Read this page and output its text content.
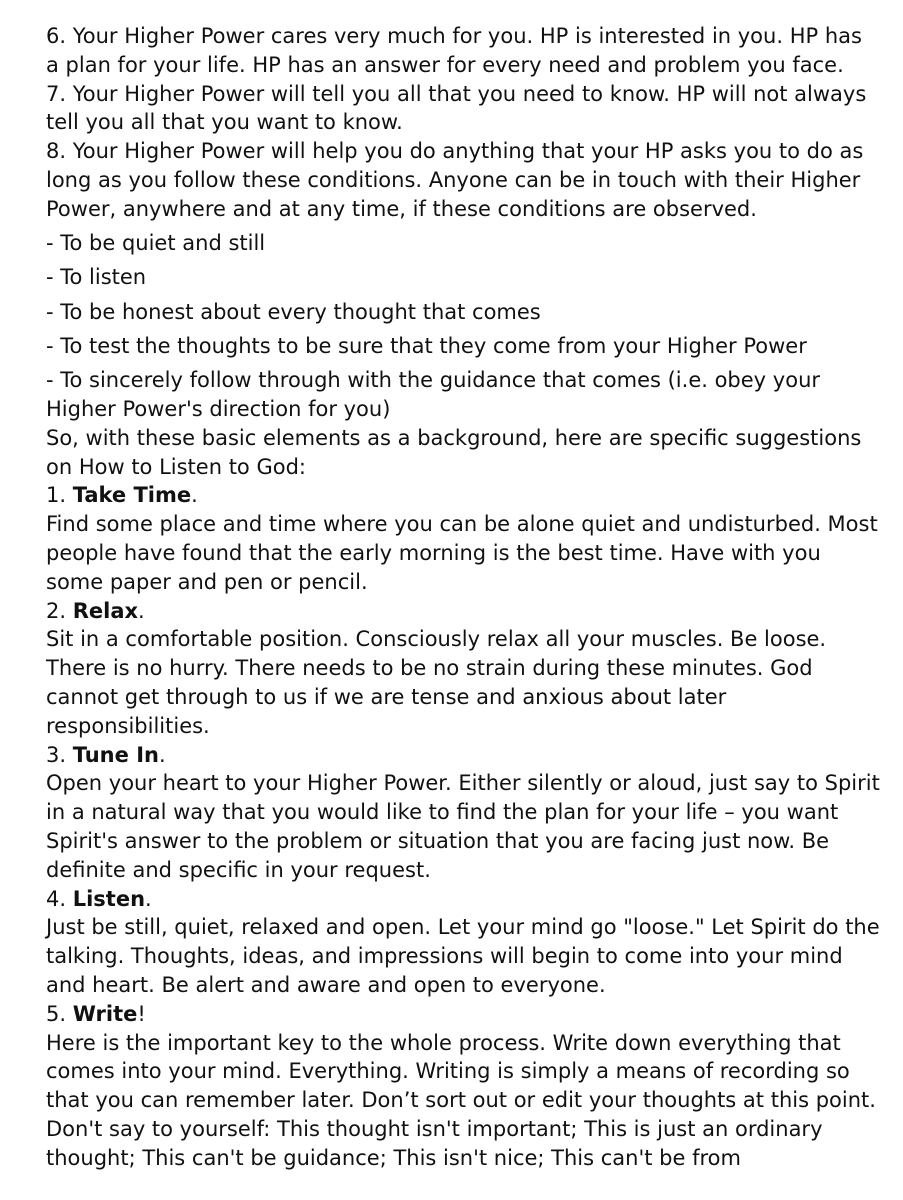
6. Your Higher Power cares very much for you. HP is interested in you. HP has a plan for your life. HP has an answer for every need and problem you face.

7. Your Higher Power will tell you all that you need to know. HP will not always tell you all that you want to know.

8. Your Higher Power will help you do anything that your HP asks you to do as long as you follow these conditions. Anyone can be in touch with their Higher Power, anywhere and at any time, if these conditions are observed.

- To be quiet and still

- To listen

- To be honest about every thought that comes

- To test the thoughts to be sure that they come from your Higher Power

- To sincerely follow through with the guidance that comes (i.e. obey your Higher Power's direction for you)

So, with these basic elements as a background, here are specific suggestions on How to Listen to God:

1. Take Time.

Find some place and time where you can be alone quiet and undisturbed. Most people have found that the early morning is the best time. Have with you some paper and pen or pencil.

2. Relax.

Sit in a comfortable position. Consciously relax all your muscles. Be loose. There is no hurry. There needs to be no strain during these minutes. God cannot get through to us if we are tense and anxious about later responsibilities.

3. Tune In.

Open your heart to your Higher Power. Either silently or aloud, just say to Spirit in a natural way that you would like to find the plan for your life – you want Spirit's answer to the problem or situation that you are facing just now. Be definite and specific in your request.

4. Listen.

Just be still, quiet, relaxed and open. Let your mind go "loose." Let Spirit do the talking. Thoughts, ideas, and impressions will begin to come into your mind and heart. Be alert and aware and open to everyone.

5. Write!

Here is the important key to the whole process. Write down everything that comes into your mind. Everything. Writing is simply a means of recording so that you can remember later. Don’t sort out or edit your thoughts at this point. Don't say to yourself: This thought isn't important; This is just an ordinary thought; This can't be guidance; This isn't nice; This can't be from
